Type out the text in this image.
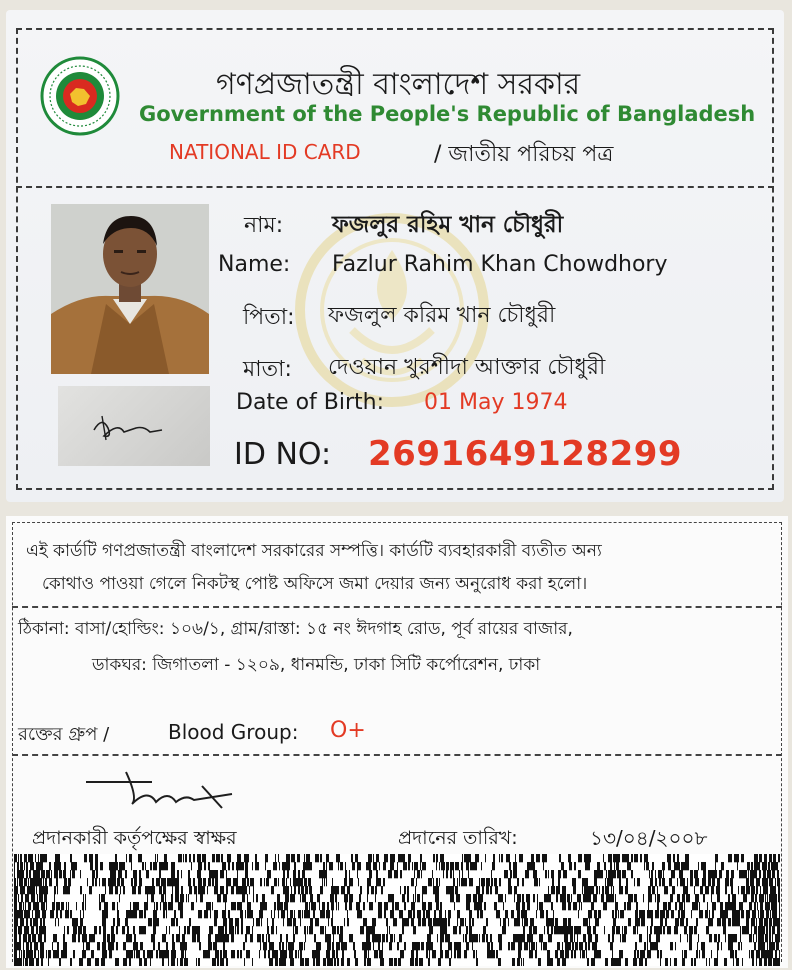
গণপ্রজাতন্ত্রী বাংলাদেশ সরকার
Government of the People's Republic of Bangladesh
NATIONAL ID CARD	/ জাতীয় পরিচয় পত্র
নাম: ফজলুর রহিম খান চৌধুরী
Name: Fazlur Rahim Khan Chowdhory
পিতা: ফজলুল করিম খান চৌধুরী
মাতা: দেওয়ান খুরশীদা আক্তার চৌধুরী
Date of Birth: 01 May 1974
ID NO: 2691649128299
এই কার্ডটি গণপ্রজাতন্ত্রী বাংলাদেশ সরকারের সম্পত্তি। কার্ডটি ব্যবহারকারী ব্যতীত অন্য
কোথাও পাওয়া গেলে নিকটস্থ পোষ্ট অফিসে জমা দেয়ার জন্য অনুরোধ করা হলো।
ঠিকানা: বাসা/হোল্ডিং: ১০৬/১, গ্রাম/রাস্তা: ১৫ নং ঈদগাহ রোড, পূর্ব রায়ের বাজার,
ডাকঘর: জিগাতলা - ১২০৯, ধানমন্ডি, ঢাকা সিটি কর্পোরেশন, ঢাকা
রক্তের গ্রুপ /	Blood Group: O+
প্রদানকারী কর্তৃপক্ষের স্বাক্ষর	প্রদানের তারিখ:	১৩/০৪/২০০৮
